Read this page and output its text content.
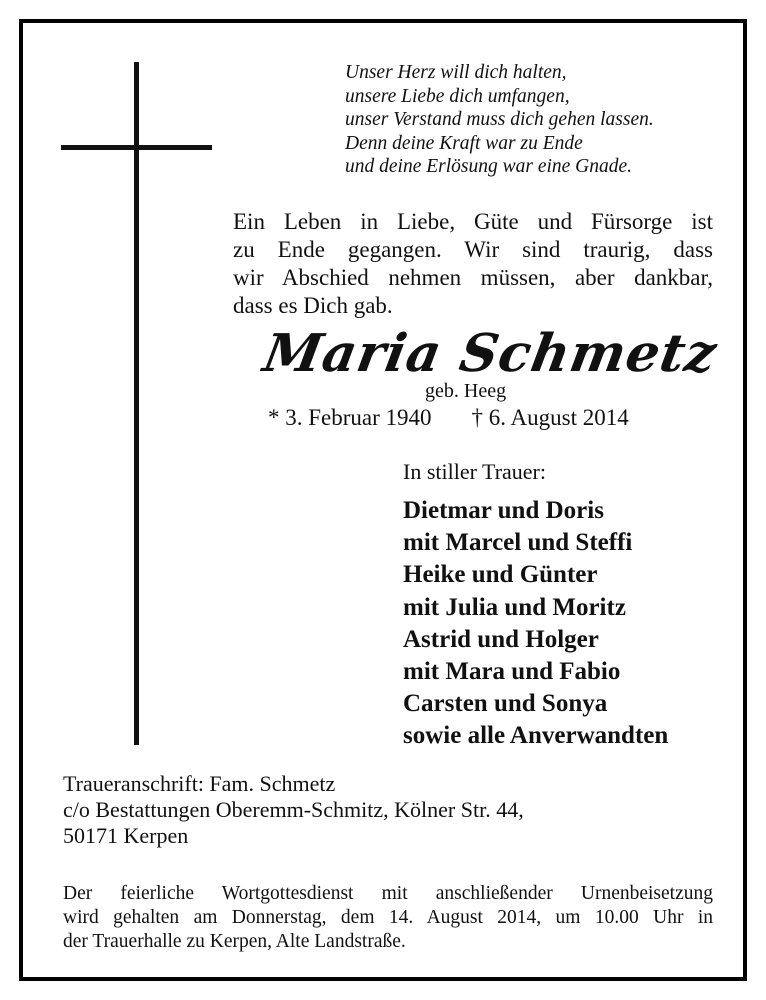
Unser Herz will dich halten,
unsere Liebe dich umfangen,
unser Verstand muss dich gehen lassen.
Denn deine Kraft war zu Ende
und deine Erlösung war eine Gnade.
Ein Leben in Liebe, Güte und Fürsorge ist
zu Ende gegangen. Wir sind traurig, dass
wir Abschied nehmen müssen, aber dankbar,
dass es Dich gab.
Maria Schmetz
geb. Heeg
* 3. Februar 1940 † 6. August 2014
In stiller Trauer:
Dietmar und Doris
mit Marcel und Steffi
Heike und Günter
mit Julia und Moritz
Astrid und Holger
mit Mara und Fabio
Carsten und Sonya
sowie alle Anverwandten
Traueranschrift: Fam. Schmetz
c/o Bestattungen Oberemm-Schmitz, Kölner Str. 44,
50171 Kerpen
Der feierliche Wortgottesdienst mit anschließender Urnenbeisetzung
wird gehalten am Donnerstag, dem 14. August 2014, um 10.00 Uhr in
der Trauerhalle zu Kerpen, Alte Landstraße.
